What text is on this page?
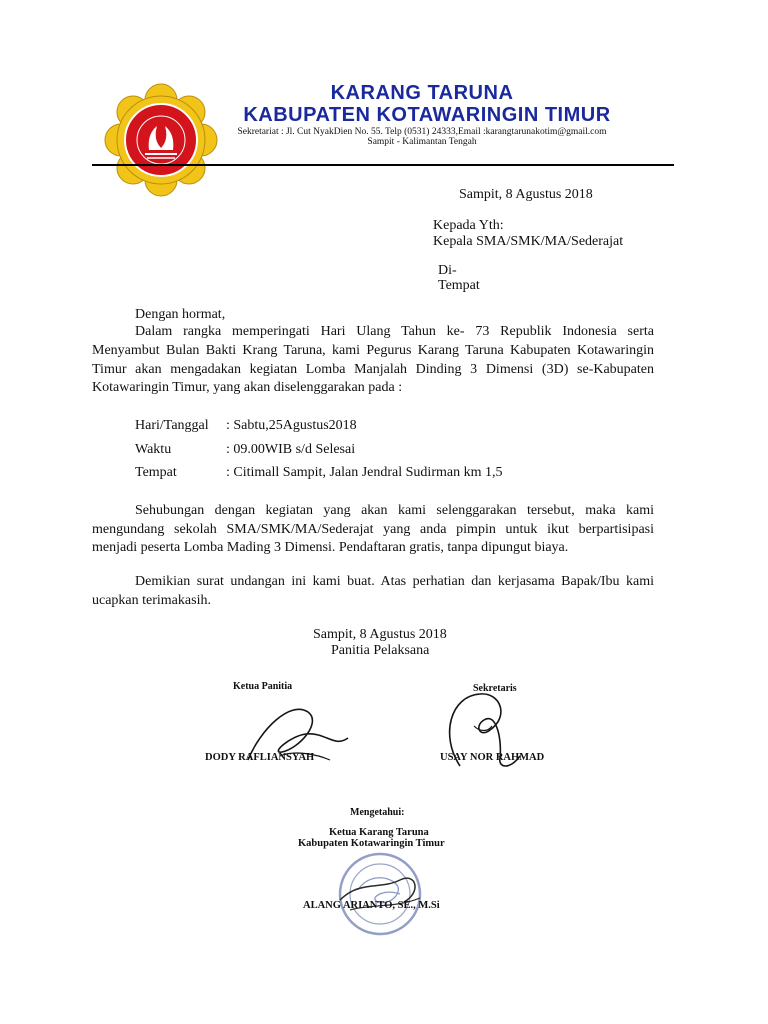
KARANG TARUNA
KABUPATEN KOTAWARINGIN TIMUR
Sekretariat : Jl. Cut NyakDien No. 55. Telp (0531) 24333,Email :karangtarunakotim@gmail.com
Sampit - Kalimantan Tengah
Sampit, 8 Agustus 2018
Kepada Yth:
Kepala SMA/SMK/MA/Sederajat
Di-
Tempat
Dengan hormat,
Dalam rangka memperingati Hari Ulang Tahun ke- 73 Republik Indonesia serta
Menyambut Bulan Bakti Krang Taruna, kami Pegurus Karang Taruna Kabupaten Kotawaringin
Timur akan mengadakan kegiatan Lomba Manjalah Dinding 3 Dimensi (3D) se-Kabupaten
Kotawaringin Timur, yang akan diselenggarakan pada :
Hari/Tanggal : Sabtu,25Agustus2018
Waktu	: 09.00WIB s/d Selesai
Tempat	: Citimall Sampit, Jalan Jendral Sudirman km 1,5
Sehubungan dengan kegiatan yang akan kami selenggarakan tersebut, maka kami
mengundang sekolah SMA/SMK/MA/Sederajat yang anda pimpin untuk ikut berpartisipasi
menjadi peserta Lomba Mading 3 Dimensi. Pendaftaran gratis, tanpa dipungut biaya.
Demikian surat undangan ini kami buat. Atas perhatian dan kerjasama Bapak/Ibu kami
ucapkan terimakasih.
Sampit, 8 Agustus 2018
Panitia Pelaksana
Ketua Panitia	Sekretaris
DODY RAFLIANSYAH	USAY NOR RAHMAD
Mengetahui:
Ketua Karang Taruna
Kabupaten Kotawaringin Timur
ALANG ARIANTO, SE., M.Si
